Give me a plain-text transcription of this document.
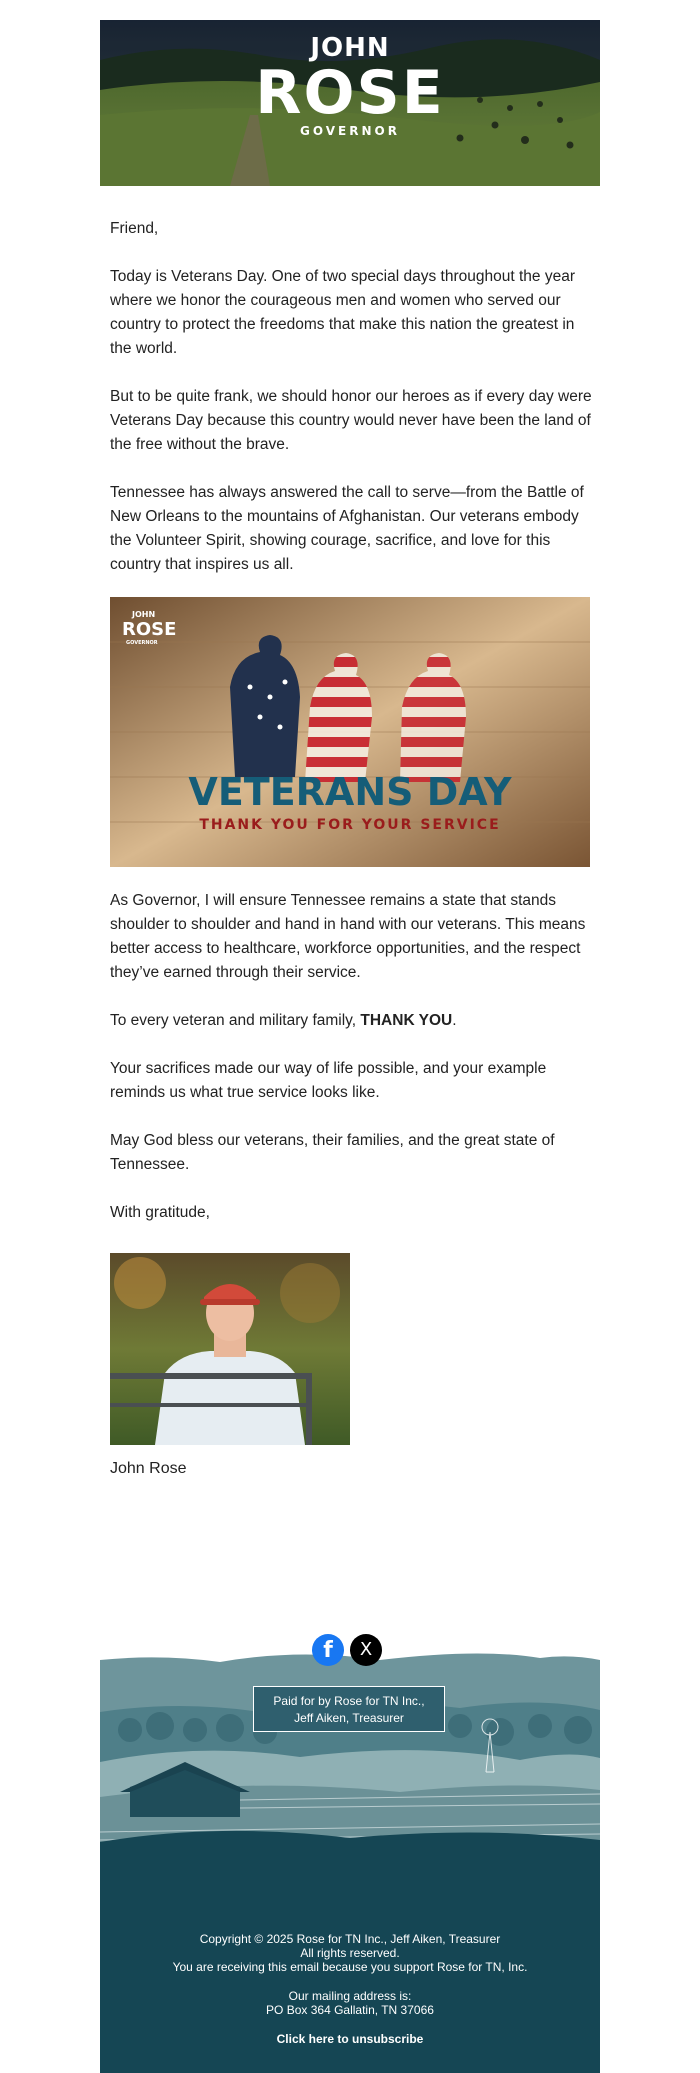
JOHN
ROSE
GOVERNOR

Friend,

Today is Veterans Day. One of two special days throughout the year where we honor the courageous men and women who served our country to protect the freedoms that make this nation the greatest in the world.

But to be quite frank, we should honor our heroes as if every day were Veterans Day because this country would never have been the land of the free without the brave.

Tennessee has always answered the call to serve—from the Battle of New Orleans to the mountains of Afghanistan. Our veterans embody the Volunteer Spirit, showing courage, sacrifice, and love for this country that inspires us all.

JOHN
ROSE
GOVERNOR
VETERANS DAY
THANK YOU FOR YOUR SERVICE

As Governor, I will ensure Tennessee remains a state that stands shoulder to shoulder and hand in hand with our veterans. This means better access to healthcare, workforce opportunities, and the respect they’ve earned through their service.

To every veteran and military family, THANK YOU.

Your sacrifices made our way of life possible, and your example reminds us what true service looks like.

May God bless our veterans, their families, and the great state of Tennessee.

With gratitude,

John Rose
f	X
Paid for by Rose for TN Inc.,
Jeff Aiken, Treasurer
Copyright © 2025 Rose for TN Inc., Jeff Aiken, Treasurer
All rights reserved.
You are receiving this email because you support Rose for TN, Inc.
Our mailing address is:
PO Box 364 Gallatin, TN 37066
Click here to unsubscribe
